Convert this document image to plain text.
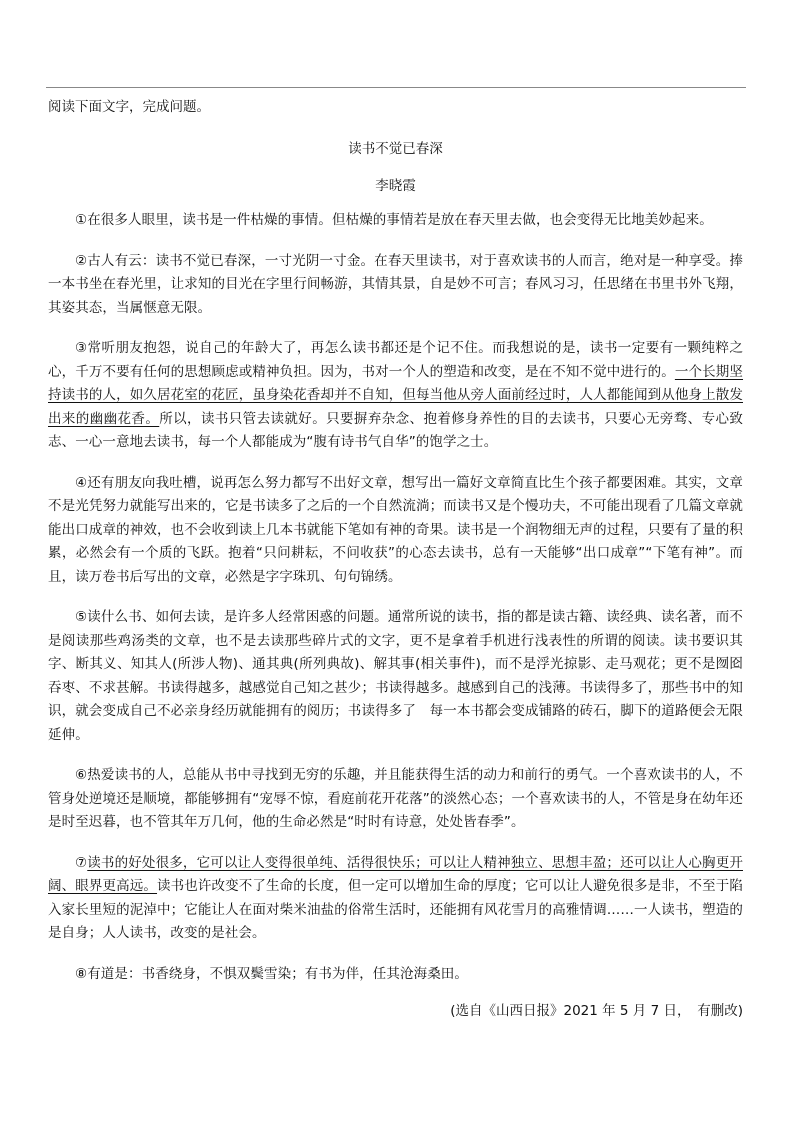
阅读下面文字，完成问题。
读书不觉已春深
李晓霞

①在很多人眼里，读书是一件枯燥的事情。但枯燥的事情若是放在春天里去做，也会变得无比地美妙起来。

②古人有云：读书不觉已春深，一寸光阴一寸金。在春天里读书，对于喜欢读书的人而言，绝对是一种享受。捧一本书坐在春光里，让求知的目光在字里行间畅游，其情其景，自是妙不可言；春风习习，任思绪在书里书外飞翔，其姿其态，当属惬意无限。

③常听朋友抱怨，说自己的年龄大了，再怎么读书都还是个记不住。而我想说的是，读书一定要有一颗纯粹之心，千万不要有任何的思想顾虑或精神负担。因为，书对一个人的塑造和改变，是在不知不觉中进行的。一个长期坚持读书的人，如久居花室的花匠，虽身染花香却并不自知，但每当他从旁人面前经过时，人人都能闻到从他身上散发出来的幽幽花香。所以，读书只管去读就好。只要摒弃杂念、抱着修身养性的目的去读书，只要心无旁骛、专心致志、一心一意地去读书，每一个人都能成为“腹有诗书气自华”的饱学之士。

④还有朋友向我吐槽，说再怎么努力都写不出好文章，想写出一篇好文章简直比生个孩子都要困难。其实，文章不是光凭努力就能写出来的，它是书读多了之后的一个自然流淌；而读书又是个慢功夫，不可能出现看了几篇文章就能出口成章的神效，也不会收到读上几本书就能下笔如有神的奇果。读书是一个润物细无声的过程，只要有了量的积累，必然会有一个质的飞跃。抱着“只问耕耘，不问收获”的心态去读书，总有一天能够“出口成章”“下笔有神”。而且，读万卷书后写出的文章，必然是字字珠玑、句句锦绣。

⑤读什么书、如何去读，是许多人经常困惑的问题。通常所说的读书，指的都是读古籍、读经典、读名著，而不是阅读那些鸡汤类的文章，也不是去读那些碎片式的文字，更不是拿着手机进行浅表性的所谓的阅读。读书要识其字、断其义、知其人(所涉人物)、通其典(所列典故)、解其事(相关事件)，而不是浮光掠影、走马观花；更不是囫囵吞枣、不求甚解。书读得越多，越感觉自己知之甚少；书读得越多。越感到自己的浅薄。书读得多了，那些书中的知识，就会变成自己不必亲身经历就能拥有的阅历；书读得多了　每一本书都会变成铺路的砖石，脚下的道路便会无限延伸。

⑥热爱读书的人，总能从书中寻找到无穷的乐趣，并且能获得生活的动力和前行的勇气。一个喜欢读书的人，不管身处逆境还是顺境，都能够拥有“宠辱不惊，看庭前花开花落”的淡然心态；一个喜欢读书的人，不管是身在幼年还是时至迟暮，也不管其年万几何，他的生命必然是“时时有诗意，处处皆春季”。

⑦读书的好处很多，它可以让人变得很单纯、活得很快乐；可以让人精神独立、思想丰盈；还可以让人心胸更开阔、眼界更高远。读书也许改变不了生命的长度，但一定可以增加生命的厚度；它可以让人避免很多是非，不至于陷入家长里短的泥淖中；它能让人在面对柴米油盐的俗常生活时，还能拥有风花雪月的高雅情调……一人读书，塑造的是自身；人人读书，改变的是社会。

⑧有道是：书香绕身，不惧双鬓雪染；有书为伴，任其沧海桑田。

(选自《山西日报》2021 年 5 月 7 日，　有删改)
